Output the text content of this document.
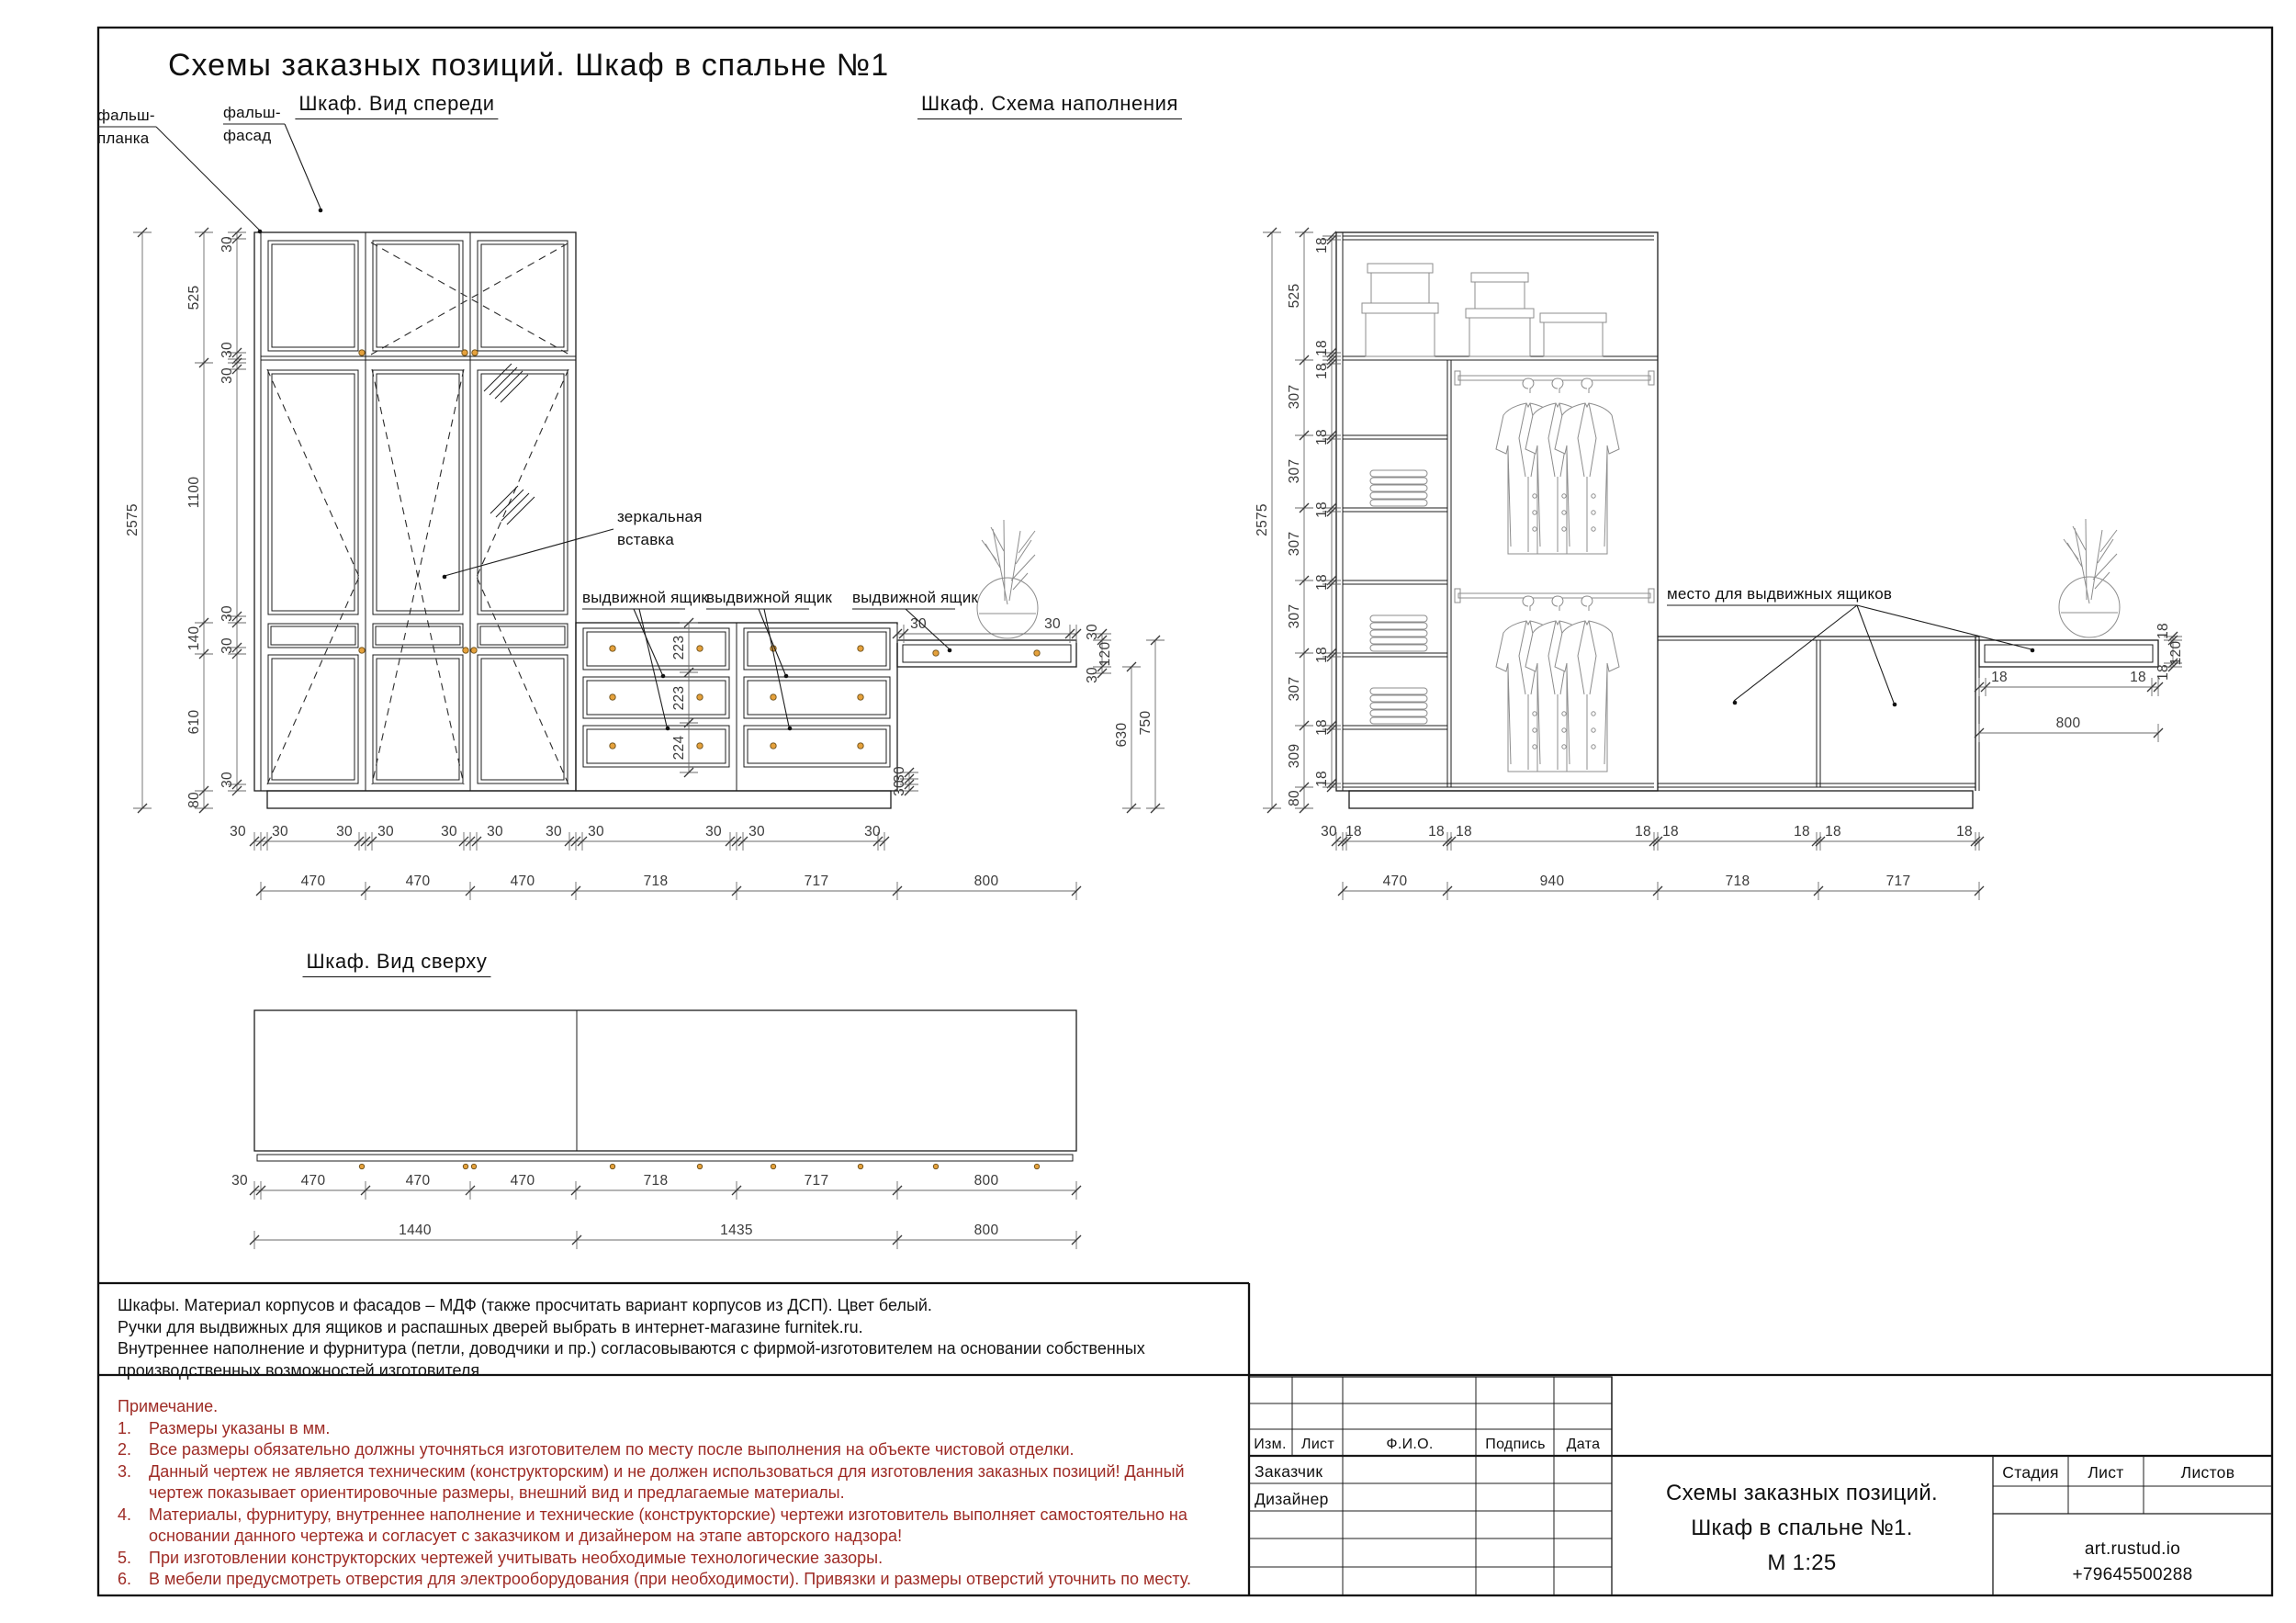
2575
525
1100
140
610
80
30
30
30
30
30
30
30 30	30 30	30 30	30 30	30 30	30
470	470	470	718	717	800
30
120
30
630 750
30	30
223
223
224
30
30
2575
525
307
307
307
307
307
309
80
18
18
18
18
18
18
18
18
18
30 18	18 18	18 18	18 18	18
470	940	718	717
18
120
18
18	18
800
30	470	470	470	718	717	800
1440	1435	800
фальш-
планка
фальш-
фасад
зеркальная
вставка
выдвижной ящик
выдвижной ящик выдвижной ящик	место для выдвижных ящиков
Изм. Лист	Ф.И.О.	Подпись Дата
Заказчик
Дизайнер	Схемы заказных позиций.
Шкаф в спальне №1.
М 1:25
Стадия Лист	Листов
art.rustud.io
+79645500288
Схемы заказных позиций. Шкаф в спальне №1
Шкаф. Вид спереди	Шкаф. Схема наполнения
Шкаф. Вид сверху
Шкафы. Материал корпусов и фасадов – МДФ (также просчитать вариант корпусов из ДСП). Цвет белый.
Ручки для выдвижных для ящиков и распашных дверей выбрать в интернет-магазине furnitek.ru.
Внутреннее наполнение и фурнитура (петли, доводчики и пр.) согласовываются с фирмой-изготовителем на основании собственных
производственных возможностей изготовителя.
Примечание.
1.	Размеры указаны в мм.
2.	Все размеры обязательно должны уточняться изготовителем по месту после выполнения на объекте чистовой отделки.
3.	Данный чертеж не является техническим (конструкторским) и не должен использоваться для изготовления заказных позиций! Данный чертеж показывает ориентировочные размеры, внешний вид и предлагаемые материалы.
4.	Материалы, фурнитуру, внутреннее наполнение и технические (конструкторские) чертежи изготовитель выполняет самостоятельно на основании данного чертежа и согласует с заказчиком и дизайнером на этапе авторского надзора!
5.	При изготовлении конструкторских чертежей учитывать необходимые технологические зазоры.
6.	В мебели предусмотреть отверстия для электрооборудования (при необходимости). Привязки и размеры отверстий уточнить по месту.
